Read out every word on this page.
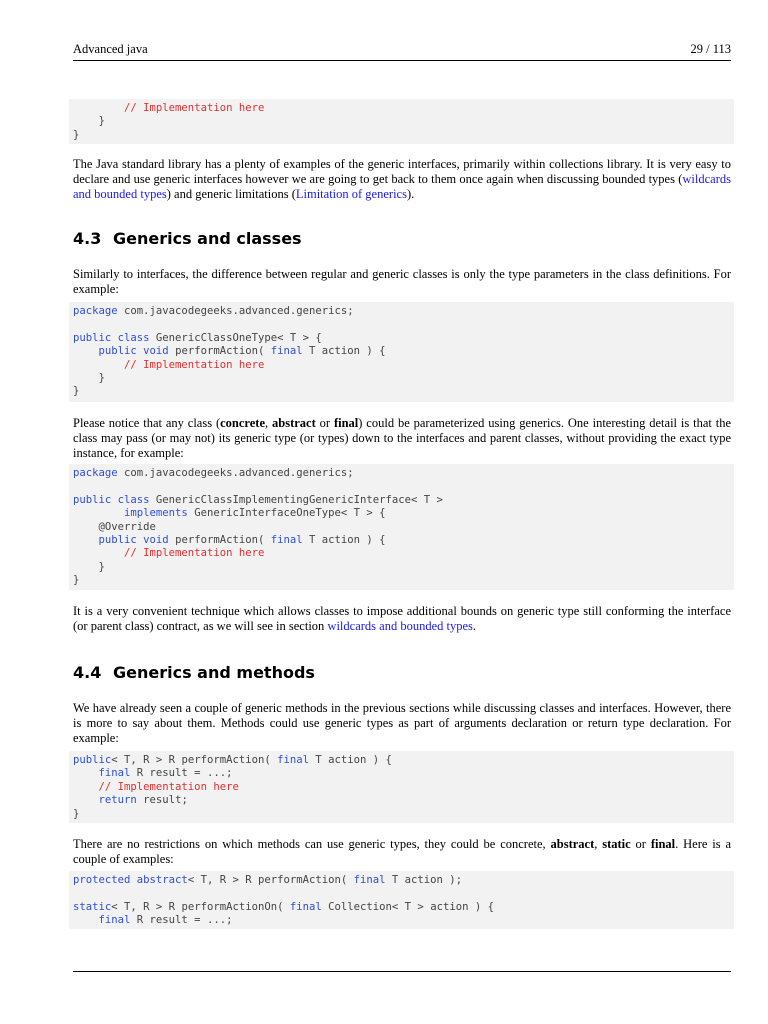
Advanced java	29 / 113
// Implementation here
}
}
The Java standard library has a plenty of examples of the generic interfaces, primarily within collections library. It is very easy to declare and use generic interfaces however we are going to get back to them once again when discussing bounded types (wildcards and bounded types) and generic limitations (Limitation of generics).
4.3 Generics and classes
Similarly to interfaces, the difference between regular and generic classes is only the type parameters in the class definitions. For example:
package com.javacodegeeks.advanced.generics;
public class GenericClassOneType< T > {
public void performAction( final T action ) {
// Implementation here
}
}
Please notice that any class (concrete, abstract or final) could be parameterized using generics. One interesting detail is that the class may pass (or may not) its generic type (or types) down to the interfaces and parent classes, without providing the exact type instance, for example:
package com.javacodegeeks.advanced.generics;
public class GenericClassImplementingGenericInterface< T >
implements GenericInterfaceOneType< T > {
@Override
public void performAction( final T action ) {
// Implementation here
}
}
It is a very convenient technique which allows classes to impose additional bounds on generic type still conforming the interface (or parent class) contract, as we will see in section wildcards and bounded types.
4.4 Generics and methods
We have already seen a couple of generic methods in the previous sections while discussing classes and interfaces. However, there is more to say about them. Methods could use generic types as part of arguments declaration or return type declaration. For example:
public< T, R > R performAction( final T action ) {
final R result = ...;
// Implementation here
return result;
}
There are no restrictions on which methods can use generic types, they could be concrete, abstract, static or final. Here is a couple of examples:
protected abstract< T, R > R performAction( final T action );
static< T, R > R performActionOn( final Collection< T > action ) {
final R result = ...;
